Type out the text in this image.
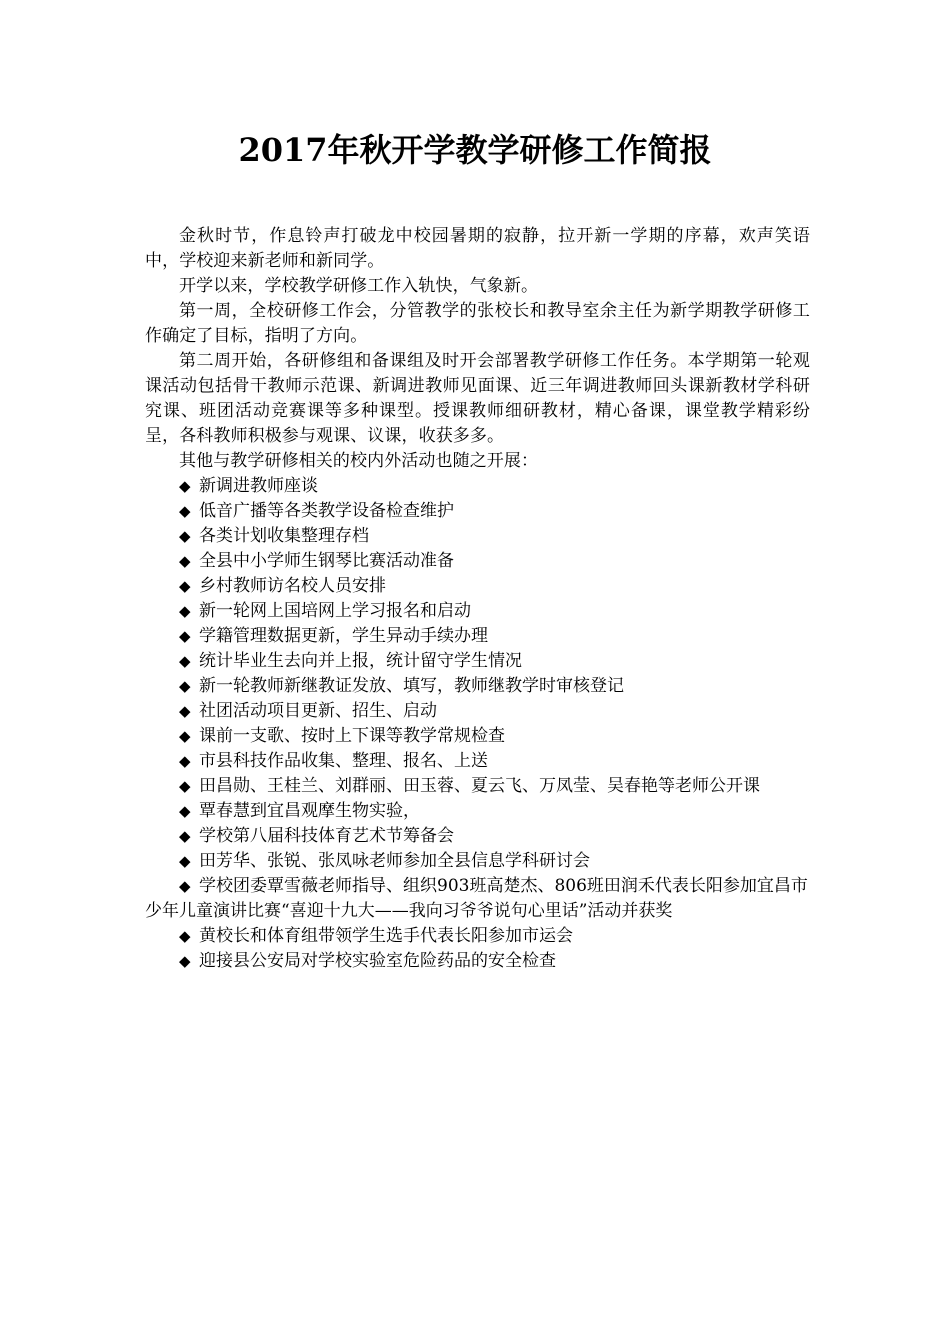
2017年秋开学教学研修工作简报

金秋时节，作息铃声打破龙中校园暑期的寂静，拉开新一学期的序幕，欢声笑语中，学校迎来新老师和新同学。

开学以来，学校教学研修工作入轨快，气象新。

第一周，全校研修工作会，分管教学的张校长和教导室余主任为新学期教学研修工作确定了目标，指明了方向。

第二周开始，各研修组和备课组及时开会部署教学研修工作任务。本学期第一轮观课活动包括骨干教师示范课、新调进教师见面课、近三年调进教师回头课新教材学科研究课、班团活动竞赛课等多种课型。授课教师细研教材，精心备课，课堂教学精彩纷呈，各科教师积极参与观课、议课，收获多多。

其他与教学研修相关的校内外活动也随之开展：

◆ 新调进教师座谈
◆ 低音广播等各类教学设备检查维护
◆ 各类计划收集整理存档
◆ 全县中小学师生钢琴比赛活动准备
◆ 乡村教师访名校人员安排
◆ 新一轮网上国培网上学习报名和启动
◆ 学籍管理数据更新，学生异动手续办理
◆ 统计毕业生去向并上报，统计留守学生情况
◆ 新一轮教师新继教证发放、填写，教师继教学时审核登记
◆ 社团活动项目更新、招生、启动
◆ 课前一支歌、按时上下课等教学常规检查
◆ 市县科技作品收集、整理、报名、上送
◆ 田昌勋、王桂兰、刘群丽、田玉蓉、夏云飞、万凤莹、吴春艳等老师公开课
◆ 覃春慧到宜昌观摩生物实验，
◆ 学校第八届科技体育艺术节筹备会
◆ 田芳华、张锐、张凤咏老师参加全县信息学科研讨会
◆ 学校团委覃雪薇老师指导、组织903班高楚杰、806班田润禾代表长阳参加宜昌市少年儿童演讲比赛“喜迎十九大——我向习爷爷说句心里话”活动并获奖
◆ 黄校长和体育组带领学生选手代表长阳参加市运会
◆ 迎接县公安局对学校实验室危险药品的安全检查
